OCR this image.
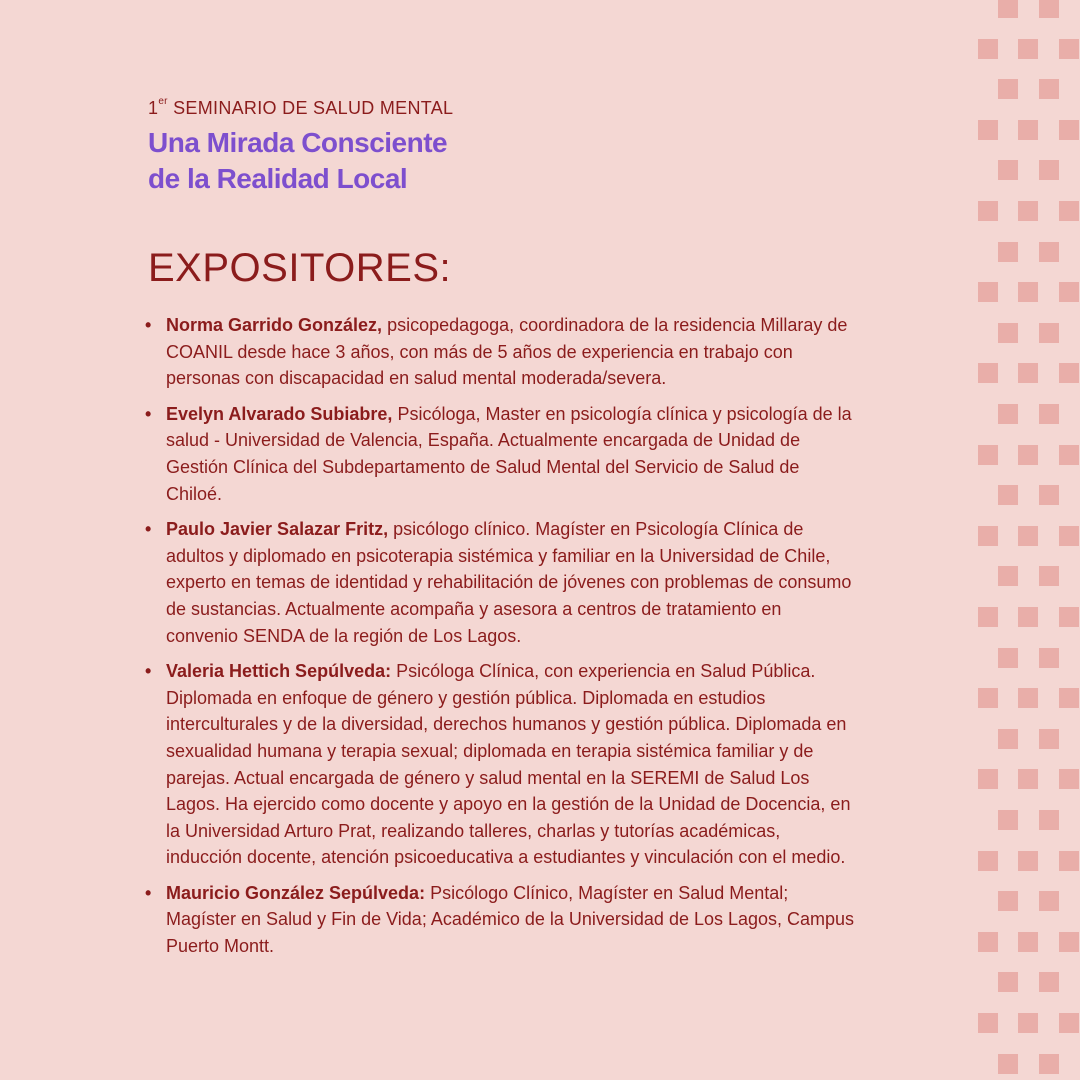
1er SEMINARIO DE SALUD MENTAL
Una Mirada Consciente
de la Realidad Local
EXPOSITORES:
• Norma Garrido González, psicopedagoga, coordinadora de la residencia Millaray de COANIL desde hace 3 años, con más de 5 años de experiencia en trabajo con personas con discapacidad en salud mental moderada/severa.
• Evelyn Alvarado Subiabre, Psicóloga, Master en psicología clínica y psicología de la salud - Universidad de Valencia, España. Actualmente encargada de Unidad de Gestión Clínica del Subdepartamento de Salud Mental del Servicio de Salud de Chiloé.
• Paulo Javier Salazar Fritz, psicólogo clínico. Magíster en Psicología Clínica de adultos y diplomado en psicoterapia sistémica y familiar en la Universidad de Chile, experto en temas de identidad y rehabilitación de jóvenes con problemas de consumo de sustancias. Actualmente acompaña y asesora a centros de tratamiento en convenio SENDA de la región de Los Lagos.
• Valeria Hettich Sepúlveda: Psicóloga Clínica, con experiencia en Salud Pública. Diplomada en enfoque de género y gestión pública. Diplomada en estudios interculturales y de la diversidad, derechos humanos y gestión pública. Diplomada en sexualidad humana y terapia sexual; diplomada en terapia sistémica familiar y de parejas. Actual encargada de género y salud mental en la SEREMI de Salud Los Lagos. Ha ejercido como docente y apoyo en la gestión de la Unidad de Docencia, en la Universidad Arturo Prat, realizando talleres, charlas y tutorías académicas, inducción docente, atención psicoeducativa a estudiantes y vinculación con el medio.
• Mauricio González Sepúlveda: Psicólogo Clínico, Magíster en Salud Mental; Magíster en Salud y Fin de Vida; Académico de la Universidad de Los Lagos, Campus Puerto Montt.
